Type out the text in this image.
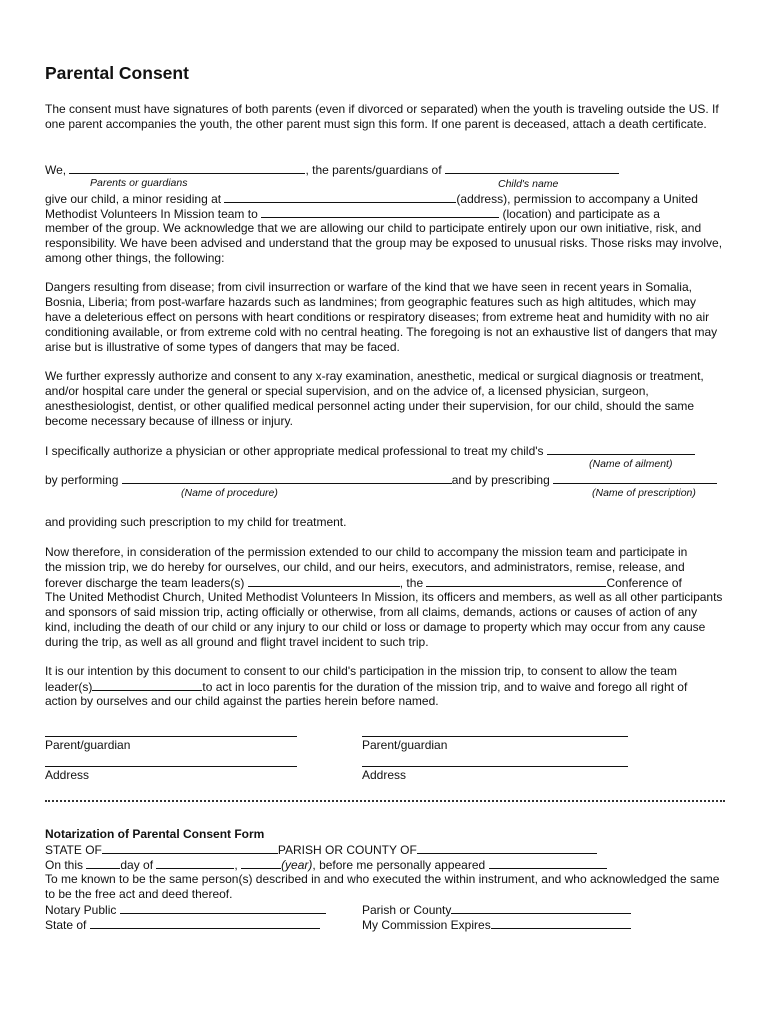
Parental Consent

The consent must have signatures of both parents (even if divorced or separated) when the youth is traveling outside the US. If one parent accompanies the youth, the other parent must sign this form. If one parent is deceased, attach a death certificate.

We,	, the parents/guardians of
Parents or guardians	Child's name
give our child, a minor residing at	(address), permission to accompany a United
Methodist Volunteers In Mission team to	(location) and participate as a

member of the group. We acknowledge that we are allowing our child to participate entirely upon our own initiative, risk, and responsibility. We have been advised and understand that the group may be exposed to unusual risks. Those risks may involve, among other things, the following:

Dangers resulting from disease; from civil insurrection or warfare of the kind that we have seen in recent years in Somalia, Bosnia, Liberia; from post-warfare hazards such as landmines; from geographic features such as high altitudes, which may have a deleterious effect on persons with heart conditions or respiratory diseases; from extreme heat and humidity with no air conditioning available, or from extreme cold with no central heating. The foregoing is not an exhaustive list of dangers that may arise but is illustrative of some types of dangers that may be faced.

We further expressly authorize and consent to any x-ray examination, anesthetic, medical or surgical diagnosis or treatment, and/or hospital care under the general or special supervision, and on the advice of, a licensed physician, surgeon, anesthesiologist, dentist, or other qualified medical personnel acting under their supervision, for our child, should the same become necessary because of illness or injury.

I specifically authorize a physician or other appropriate medical professional to treat my child's
(Name of ailment)
by performing	and by prescribing
(Name of procedure)	(Name of prescription)
and providing such prescription to my child for treatment.
Now therefore, in consideration of the permission extended to our child to accompany the mission team and participate in
the mission trip, we do hereby for ourselves, our child, and our heirs, executors, and administrators, remise, release, and
forever discharge the team leaders(s)	, the	Conference of

The United Methodist Church, United Methodist Volunteers In Mission, its officers and members, as well as all other participants and sponsors of said mission trip, acting officially or otherwise, from all claims, demands, actions or causes of action of any kind, including the death of our child or any injury to our child or loss or damage to property which may occur from any cause during the trip, as well as all ground and flight travel incident to such trip.

It is our intention by this document to consent to our child's participation in the mission trip, to consent to allow the team
leader(s)	to act in loco parentis for the duration of the mission trip, and to waive and forego all right of
action by ourselves and our child against the parties herein before named.
Parent/guardian	Parent/guardian
Address	Address
Notarization of Parental Consent Form
STATE OF	PARISH OR COUNTY OF
On this	day of	,	(year), before me personally appeared

To me known to be the same person(s) described in and who executed the within instrument, and who acknowledged the same to be the free act and deed thereof.

Notary Public	Parish or County
State of	My Commission Expires
